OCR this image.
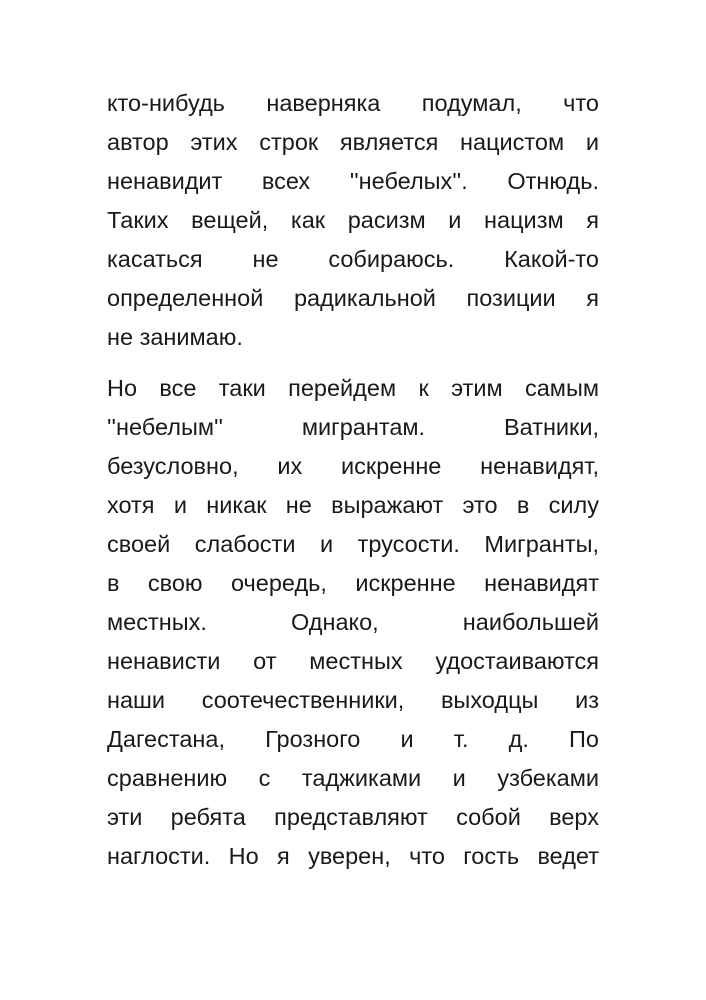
кто-нибудь наверняка подумал, что
автор этих строк является нацистом и
ненавидит всех ''небелых''. Отнюдь.
Таких вещей, как расизм и нацизм я
касаться не собираюсь. Какой-то
определенной радикальной позиции я
не занимаю.
Но все таки перейдем к этим самым
''небелым'' мигрантам. Ватники,
безусловно, их искренне ненавидят,
хотя и никак не выражают это в силу
своей слабости и трусости. Мигранты,
в свою очередь, искренне ненавидят
местных. Однако, наибольшей
ненависти от местных удостаиваются
наши соотечественники, выходцы из
Дагестана, Грозного и т. д. По
сравнению с таджиками и узбеками
эти ребята представляют собой верх
наглости. Но я уверен, что гость ведет
